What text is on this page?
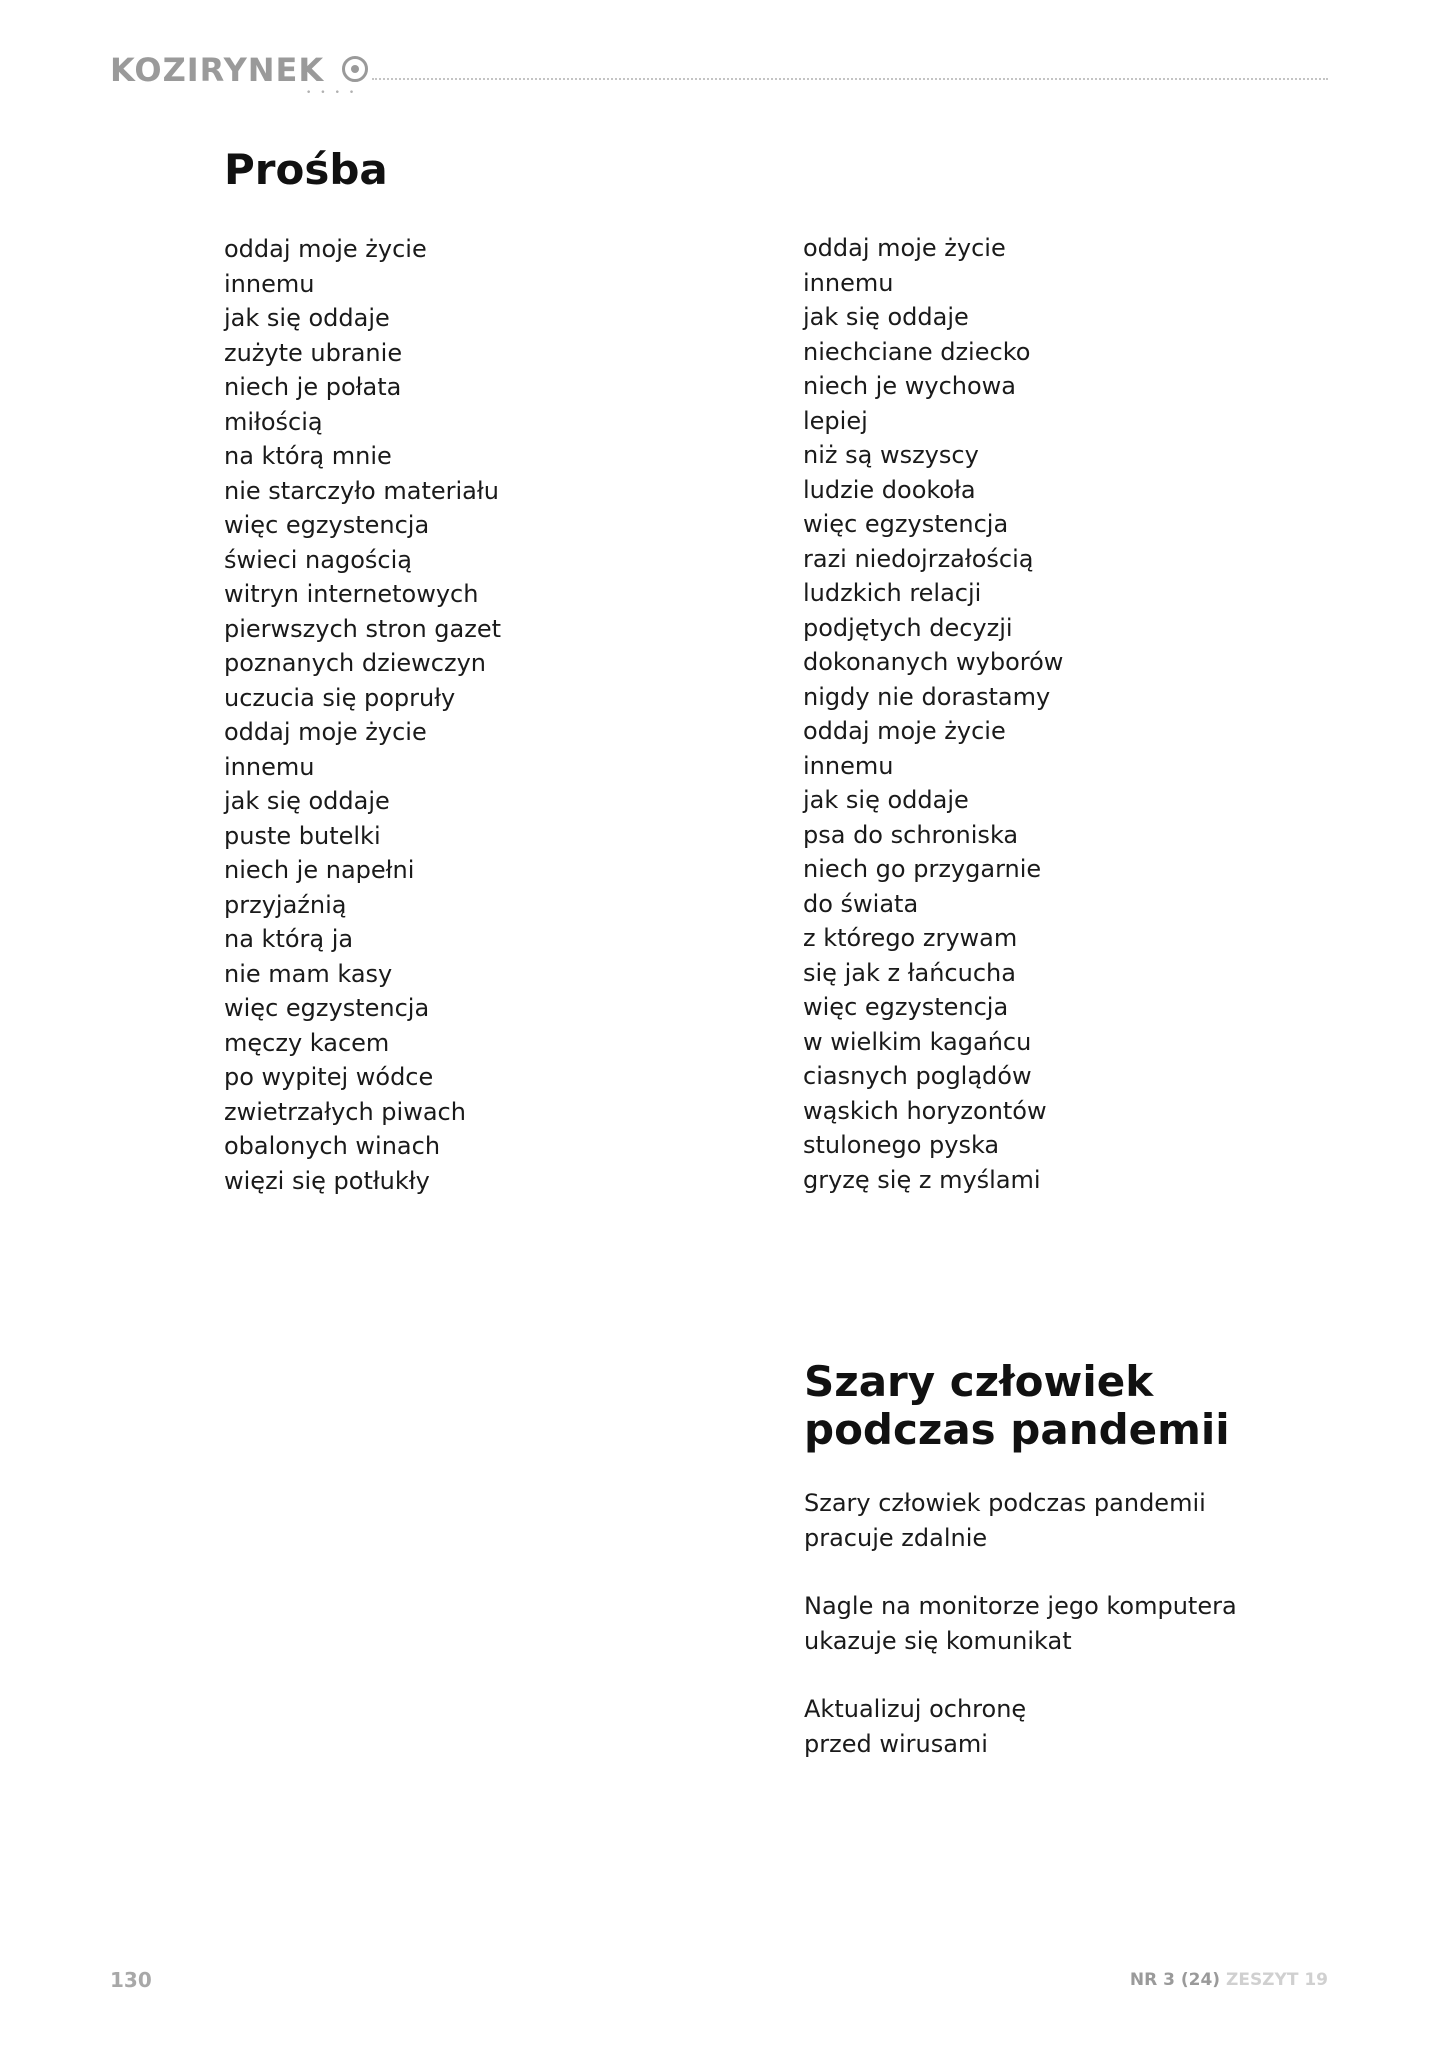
KOZIRYNEK
••••
Prośba
oddaj moje życie
innemu
jak się oddaje
zużyte ubranie
niech je połata
miłością
na którą mnie
nie starczyło materiału
więc egzystencja
świeci nagością
witryn internetowych
pierwszych stron gazet
poznanych dziewczyn
uczucia się popruły
oddaj moje życie
innemu
jak się oddaje
puste butelki
niech je napełni
przyjaźnią
na którą ja
nie mam kasy
więc egzystencja
męczy kacem
po wypitej wódce
zwietrzałych piwach
obalonych winach
więzi się potłukły
oddaj moje życie
innemu
jak się oddaje
niechciane dziecko
niech je wychowa
lepiej
niż są wszyscy
ludzie dookoła
więc egzystencja
razi niedojrzałością
ludzkich relacji
podjętych decyzji
dokonanych wyborów
nigdy nie dorastamy
oddaj moje życie
innemu
jak się oddaje
psa do schroniska
niech go przygarnie
do świata
z którego zrywam
się jak z łańcucha
więc egzystencja
w wielkim kagańcu
ciasnych poglądów
wąskich horyzontów
stulonego pyska
gryzę się z myślami
Szary człowiek
podczas pandemii
Szary człowiek podczas pandemii
pracuje zdalnie
Nagle na monitorze jego komputera
ukazuje się komunikat
Aktualizuj ochronę
przed wirusami
130	NR 3 (24) ZESZYT 19
